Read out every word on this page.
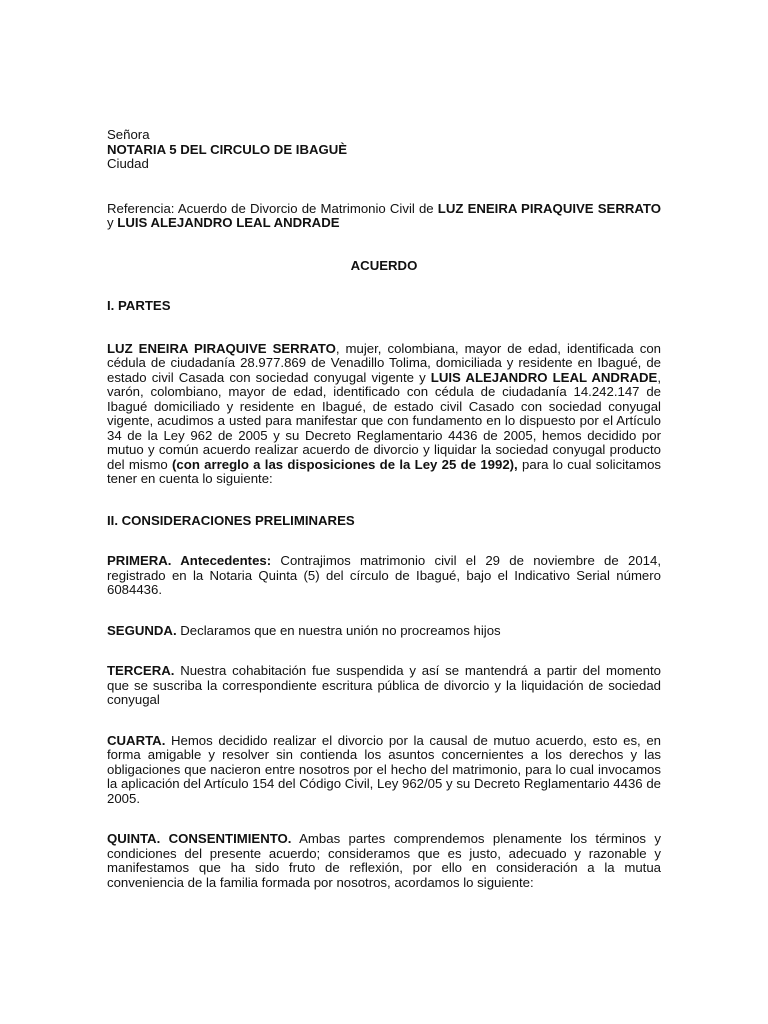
Señora
NOTARIA 5 DEL CIRCULO DE IBAGUÈ
Ciudad

Referencia: Acuerdo de Divorcio de Matrimonio Civil de LUZ ENEIRA PIRAQUIVE SERRATO y LUIS ALEJANDRO LEAL ANDRADE

ACUERDO
I. PARTES

LUZ ENEIRA PIRAQUIVE SERRATO, mujer, colombiana, mayor de edad, identificada con cédula de ciudadanía 28.977.869 de Venadillo Tolima, domiciliada y residente en Ibagué, de estado civil Casada con sociedad conyugal vigente y LUIS ALEJANDRO LEAL ANDRADE, varón, colombiano, mayor de edad, identificado con cédula de ciudadanía 14.242.147 de Ibagué domiciliado y residente en Ibagué, de estado civil Casado con sociedad conyugal vigente, acudimos a usted para manifestar que con fundamento en lo dispuesto por el Artículo 34 de la Ley 962 de 2005 y su Decreto Reglamentario 4436 de 2005, hemos decidido por mutuo y común acuerdo realizar acuerdo de divorcio y liquidar la sociedad conyugal producto del mismo (con arreglo a las disposiciones de la Ley 25 de 1992), para lo cual solicitamos tener en cuenta lo siguiente:

II. CONSIDERACIONES PRELIMINARES

PRIMERA. Antecedentes: Contrajimos matrimonio civil el 29 de noviembre de 2014, registrado en la Notaria Quinta (5) del círculo de Ibagué, bajo el Indicativo Serial número 6084436.

SEGUNDA. Declaramos que en nuestra unión no procreamos hijos

TERCERA. Nuestra cohabitación fue suspendida y así se mantendrá a partir del momento que se suscriba la correspondiente escritura pública de divorcio y la liquidación de sociedad conyugal

CUARTA. Hemos decidido realizar el divorcio por la causal de mutuo acuerdo, esto es, en forma amigable y resolver sin contienda los asuntos concernientes a los derechos y las obligaciones que nacieron entre nosotros por el hecho del matrimonio, para lo cual invocamos la aplicación del Artículo 154 del Código Civil, Ley 962/05 y su Decreto Reglamentario 4436 de 2005.

QUINTA. CONSENTIMIENTO. Ambas partes comprendemos plenamente los términos y condiciones del presente acuerdo; consideramos que es justo, adecuado y razonable y manifestamos que ha sido fruto de reflexión, por ello en consideración a la mutua conveniencia de la familia formada por nosotros, acordamos lo siguiente:
